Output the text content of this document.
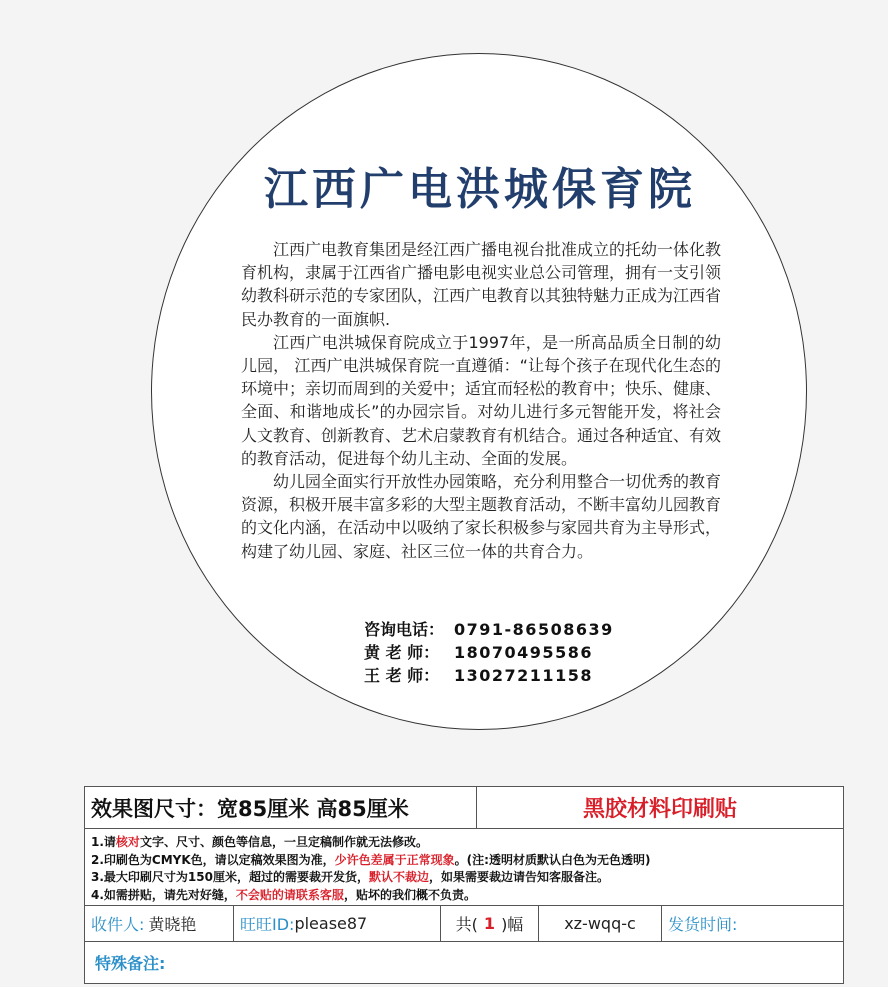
江西广电洪城保育院

江西广电教育集团是经江西广播电视台批准成立的托幼一体化教育机构，隶属于江西省广播电影电视实业总公司管理，拥有一支引领幼教科研示范的专家团队，江西广电教育以其独特魅力正成为江西省民办教育的一面旗帜.

江西广电洪城保育院成立于1997年，是一所高品质全日制的幼儿园， 江西广电洪城保育院一直遵循：“让每个孩子在现代化生态的环境中；亲切而周到的关爱中；适宜而轻松的教育中；快乐、健康、全面、和谐地成长”的办园宗旨。对幼儿进行多元智能开发，将社会人文教育、创新教育、艺术启蒙教育有机结合。通过各种适宜、有效的教育活动，促进每个幼儿主动、全面的发展。

幼儿园全面实行开放性办园策略，充分利用整合一切优秀的教育资源，积极开展丰富多彩的大型主题教育活动，不断丰富幼儿园教育的文化内涵，在活动中以吸纳了家长积极参与家园共育为主导形式，构建了幼儿园、家庭、社区三位一体的共育合力。

咨询电话： 0791-86508639
黄 老 师： 18070495586
王 老 师： 13027211158
效果图尺寸：宽85厘米 高85厘米	黑胶材料印刷贴
1.请核对文字、尺寸、颜色等信息，一旦定稿制作就无法修改。
2.印刷色为CMYK色，请以定稿效果图为准，少许色差属于正常现象。(注:透明材质默认白色为无色透明)
3.最大印刷尺寸为150厘米，超过的需要裁开发货，默认不裁边，如果需要裁边请告知客服备注。
4.如需拼贴，请先对好缝，不会贴的请联系客服，贴坏的我们概不负责。
收件人: 黄晓艳	旺旺ID: please87	共( 1 )幅	xz-wqq-c	发货时间:
特殊备注:
